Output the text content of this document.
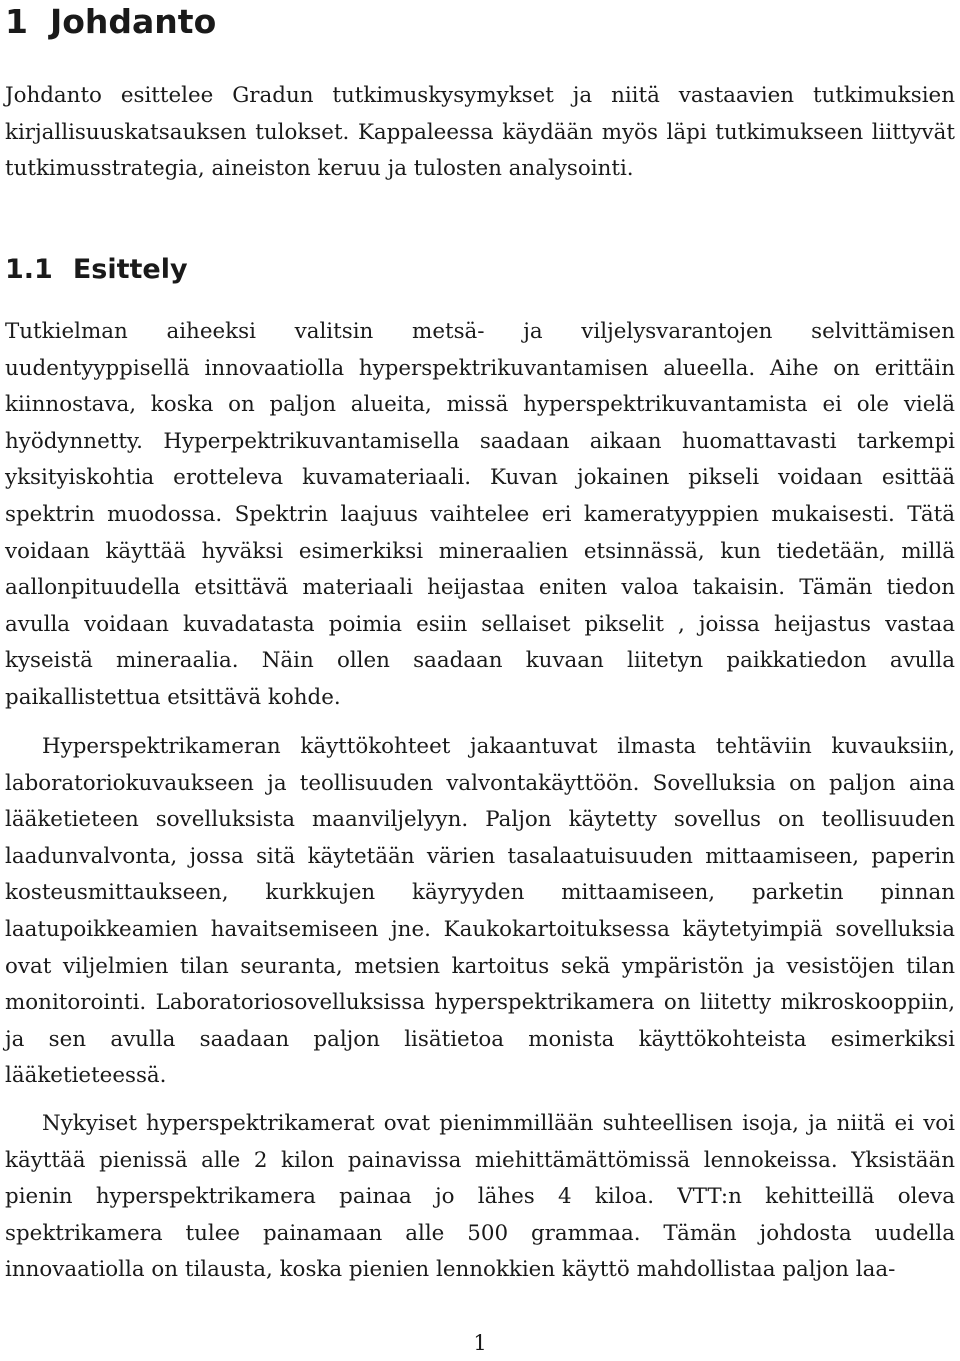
1 Johdanto

Johdanto esittelee Gradun tutkimuskysymykset ja niitä vastaavien tutkimuksien kirjallisuuskatsauksen tulokset. Kappaleessa käydään myös läpi tutkimukseen liittyvät tutkimusstrategia, aineiston keruu ja tulosten analysointi.

1.1 Esittely

Tutkielman aiheeksi valitsin metsä- ja viljelysvarantojen selvittämisen uudentyyppisellä innovaatiolla hyperspektrikuvantamisen alueella. Aihe on erittäin kiinnostava, koska on paljon alueita, missä hyperspektrikuvantamista ei ole vielä hyödynnetty. Hyperpektrikuvantamisella saadaan aikaan huomattavasti tarkempi yksityiskohtia erotteleva kuvamateriaali. Kuvan jokainen pikseli voidaan esittää spektrin muodossa. Spektrin laajuus vaihtelee eri kameratyyppien mukaisesti. Tätä voidaan käyttää hyväksi esimerkiksi mineraalien etsinnässä, kun tiedetään, millä aallonpituudella etsittävä materiaali heijastaa eniten valoa takaisin. Tämän tiedon avulla voidaan kuvadatasta poimia esiin sellaiset pikselit , joissa heijastus vastaa kyseistä mineraalia. Näin ollen saadaan kuvaan liitetyn paikkatiedon avulla paikallistettua etsittävä kohde.

Hyperspektrikameran käyttökohteet jakaantuvat ilmasta tehtäviin kuvauksiin, laboratoriokuvaukseen ja teollisuuden valvontakäyttöön. Sovelluksia on paljon aina lääketieteen sovelluksista maanviljelyyn. Paljon käytetty sovellus on teollisuuden laadunvalvonta, jossa sitä käytetään värien tasalaatuisuuden mittaamiseen, paperin kosteusmittaukseen, kurkkujen käyryyden mittaamiseen, parketin pinnan laatupoikkeamien havaitsemiseen jne. Kaukokartoituksessa käytetyimpiä sovelluksia ovat viljelmien tilan seuranta, metsien kartoitus sekä ympäristön ja vesistöjen tilan monitorointi. Laboratoriosovelluksissa hyperspektrikamera on liitetty mikroskooppiin, ja sen avulla saadaan paljon lisätietoa monista käyttökohteista esimerkiksi lääketieteessä.

Nykyiset hyperspektrikamerat ovat pienimmillään suhteellisen isoja, ja niitä ei voi käyttää pienissä alle 2 kilon painavissa miehittämättömissä lennokeissa. Yksistään pienin hyperspektrikamera painaa jo lähes 4 kiloa. VTT:n kehitteillä oleva spektrikamera tulee painamaan alle 500 grammaa. Tämän johdosta uudella innovaatiolla on tilausta, koska pienien lennokkien käyttö mahdollistaa paljon laa-

1
